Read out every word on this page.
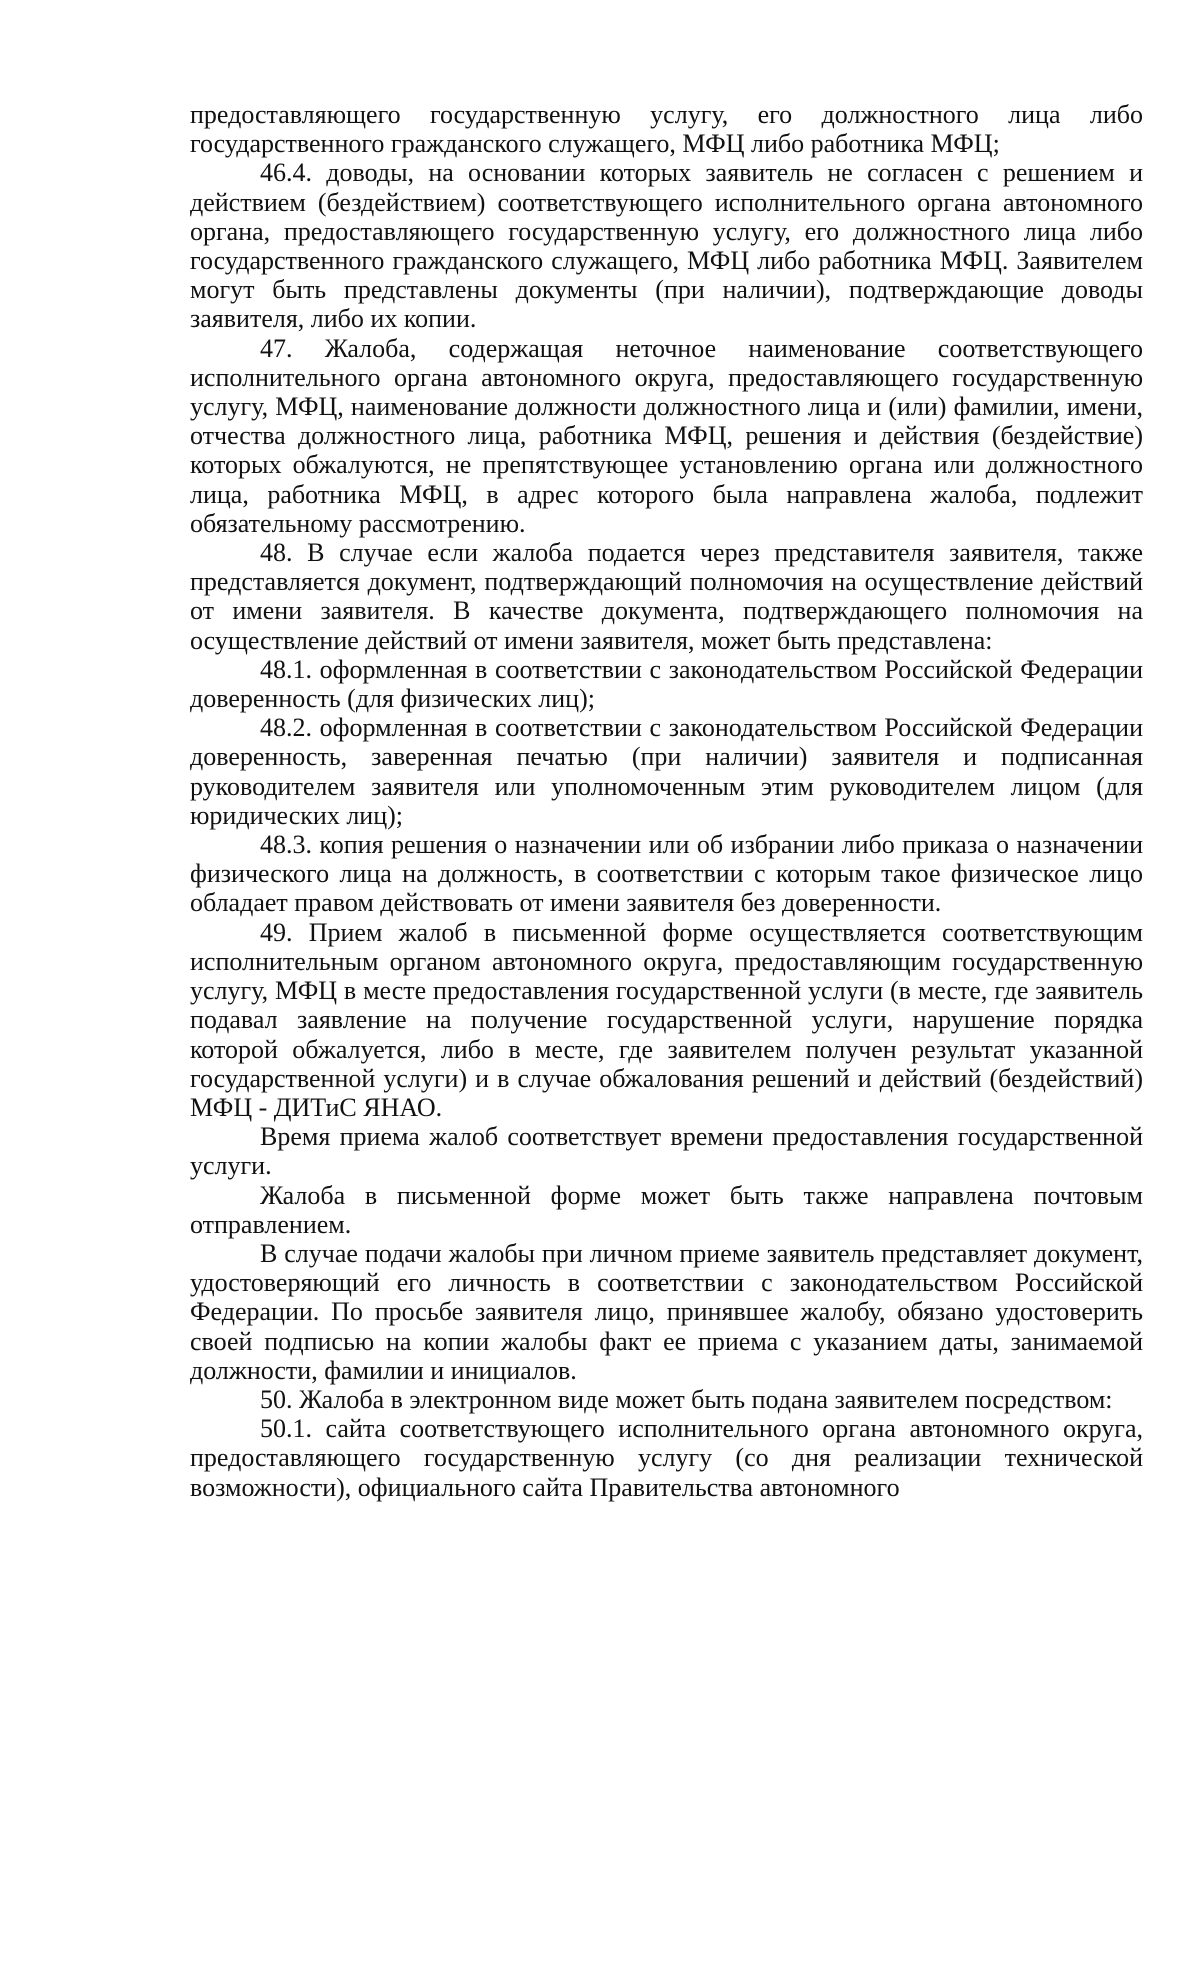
предоставляющего государственную услугу, его должностного лица либо государственного гражданского служащего, МФЦ либо работника МФЦ;

46.4. доводы, на основании которых заявитель не согласен с решением и действием (бездействием) соответствующего исполнительного органа автономного органа, предоставляющего государственную услугу, его должностного лица либо государственного гражданского служащего, МФЦ либо работника МФЦ. Заявителем могут быть представлены документы (при наличии), подтверждающие доводы заявителя, либо их копии.

47. Жалоба, содержащая неточное наименование соответствующего исполнительного органа автономного округа, предоставляющего государственную услугу, МФЦ, наименование должности должностного лица и (или) фамилии, имени, отчества должностного лица, работника МФЦ, решения и действия (бездействие) которых обжалуются, не препятствующее установлению органа или должностного лица, работника МФЦ, в адрес которого была направлена жалоба, подлежит обязательному рассмотрению.

48. В случае если жалоба подается через представителя заявителя, также представляется документ, подтверждающий полномочия на осуществление действий от имени заявителя. В качестве документа, подтверждающего полномочия на осуществление действий от имени заявителя, может быть представлена:

48.1. оформленная в соответствии с законодательством Российской Федерации доверенность (для физических лиц);

48.2. оформленная в соответствии с законодательством Российской Федерации доверенность, заверенная печатью (при наличии) заявителя и подписанная руководителем заявителя или уполномоченным этим руководителем лицом (для юридических лиц);

48.3. копия решения о назначении или об избрании либо приказа о назначении физического лица на должность, в соответствии с которым такое физическое лицо обладает правом действовать от имени заявителя без доверенности.

49. Прием жалоб в письменной форме осуществляется соответствующим исполнительным органом автономного округа, предоставляющим государственную услугу, МФЦ в месте предоставления государственной услуги (в месте, где заявитель подавал заявление на получение государственной услуги, нарушение порядка которой обжалуется, либо в месте, где заявителем получен результат указанной государственной услуги) и в случае обжалования решений и действий (бездействий) МФЦ - ДИТиС ЯНАО.

Время приема жалоб соответствует времени предоставления государственной услуги.

Жалоба в письменной форме может быть также направлена почтовым отправлением.

В случае подачи жалобы при личном приеме заявитель представляет документ, удостоверяющий его личность в соответствии с законодательством Российской Федерации. По просьбе заявителя лицо, принявшее жалобу, обязано удостоверить своей подписью на копии жалобы факт ее приема с указанием даты, занимаемой должности, фамилии и инициалов.

50. Жалоба в электронном виде может быть подана заявителем посредством:

50.1. сайта соответствующего исполнительного органа автономного округа, предоставляющего государственную услугу (со дня реализации технической возможности), официального сайта Правительства автономного
